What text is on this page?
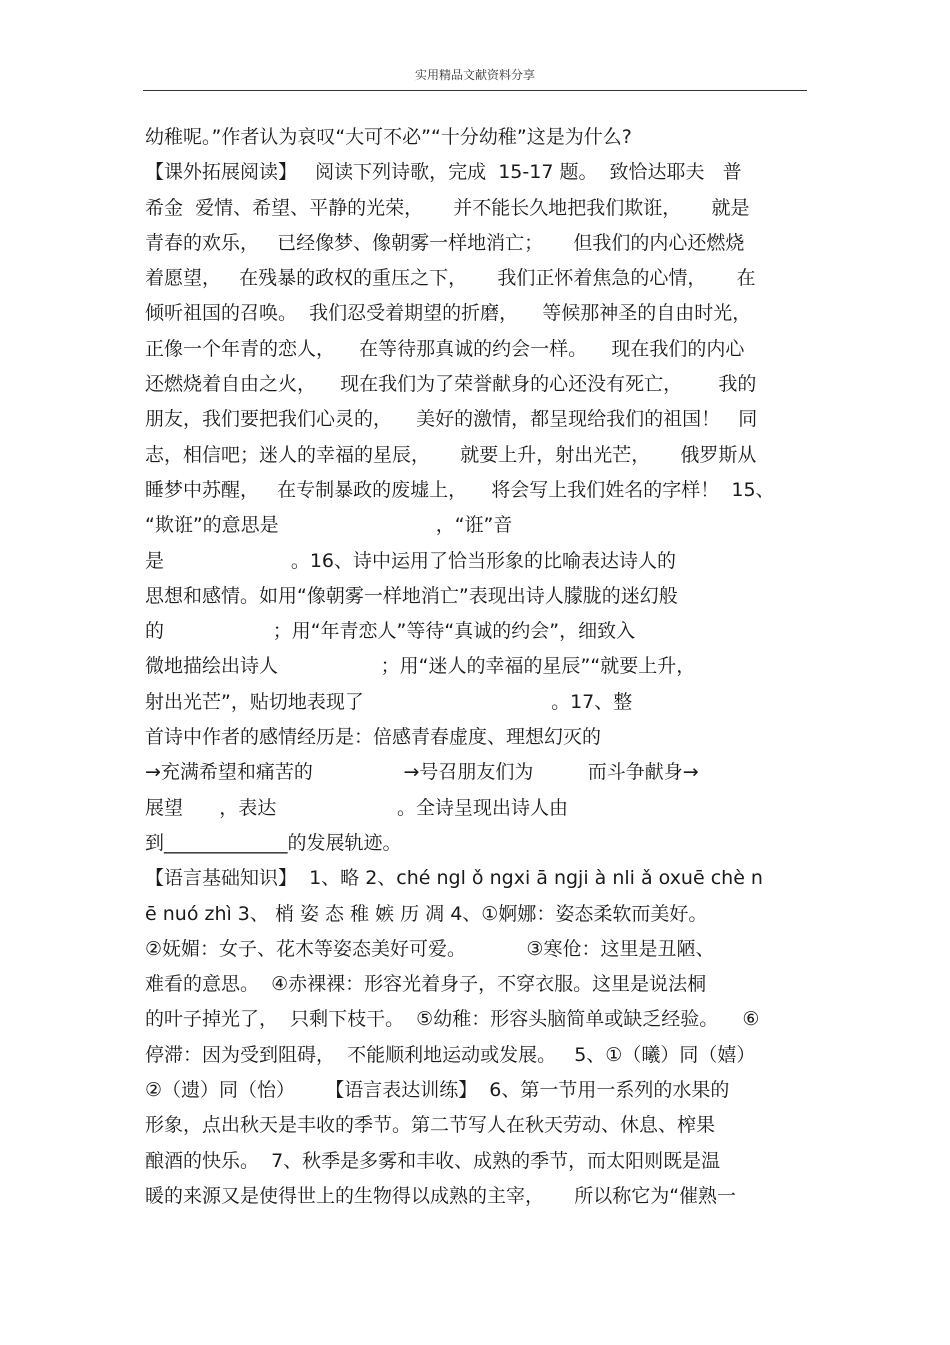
实用精品文献资料分享
幼稚呢。”作者认为哀叹“大可不必”“十分幼稚”这是为什么?
【课外拓展阅读】   阅读下列诗歌，完成  15-17 题。  致恰达耶夫   普
希金  爱情、希望、平静的光荣，     并不能长久地把我们欺诳，     就是
青春的欢乐，   已经像梦、像朝雾一样地消亡；     但我们的内心还燃烧
着愿望，   在残暴的政权的重压之下，     我们正怀着焦急的心情，     在
倾听祖国的召唤。  我们忍受着期望的折磨，    等候那神圣的自由时光，
正像一个年青的恋人，    在等待那真诚的约会一样。    现在我们的内心
还燃烧着自由之火，    现在我们为了荣誉献身的心还没有死亡，      我的
朋友，我们要把我们心灵的，    美好的激情，都呈现给我们的祖国！   同
志，相信吧；迷人的幸福的星辰，     就要上升，射出光芒，     俄罗斯从
睡梦中苏醒，   在专制暴政的废墟上，    将会写上我们姓名的字样！  15、
“欺诳”的意思是                          ，“诳”音
是                     。16、诗中运用了恰当形象的比喻表达诗人的
思想和感情。如用“像朝雾一样地消亡”表现出诗人朦胧的迷幻般
的                  ；用“年青恋人”等待“真诚的约会”，细致入
微地描绘出诗人                 ；用“迷人的幸福的星辰”“就要上升，
射出光芒”，贴切地表现了                               。17、整
首诗中作者的感情经历是：倍感青春虚度、理想幻灭的
→充满希望和痛苦的               →号召朋友们为         而斗争献身→
展望      ，表达                    。全诗呈现出诗人由
到_____________的发展轨迹。
【语言基础知识】  1、略 2、ché ngl ǒ ngxi ā ngji à nli ǎ oxuē chè n
ē nuó zhì 3、 梢 姿 态 稚 嫉 历 凋 4、①婀娜：姿态柔软而美好。
②妩媚：女子、花木等姿态美好可爱。          ③寒伧：这里是丑陋、
难看的意思。  ④赤裸裸：形容光着身子，不穿衣服。这里是说法桐
的叶子掉光了，  只剩下枝干。  ⑤幼稚：形容头脑简单或缺乏经验。    ⑥
停滞：因为受到阻碍，  不能顺利地运动或发展。   5、①（曦）同（嬉）
②（遗）同（怡）     【语言表达训练】  6、第一节用一系列的水果的
形象，点出秋天是丰收的季节。第二节写人在秋天劳动、休息、榨果
酿酒的快乐。  7、秋季是多雾和丰收、成熟的季节，而太阳则既是温
暖的来源又是使得世上的生物得以成熟的主宰，     所以称它为“催熟一
